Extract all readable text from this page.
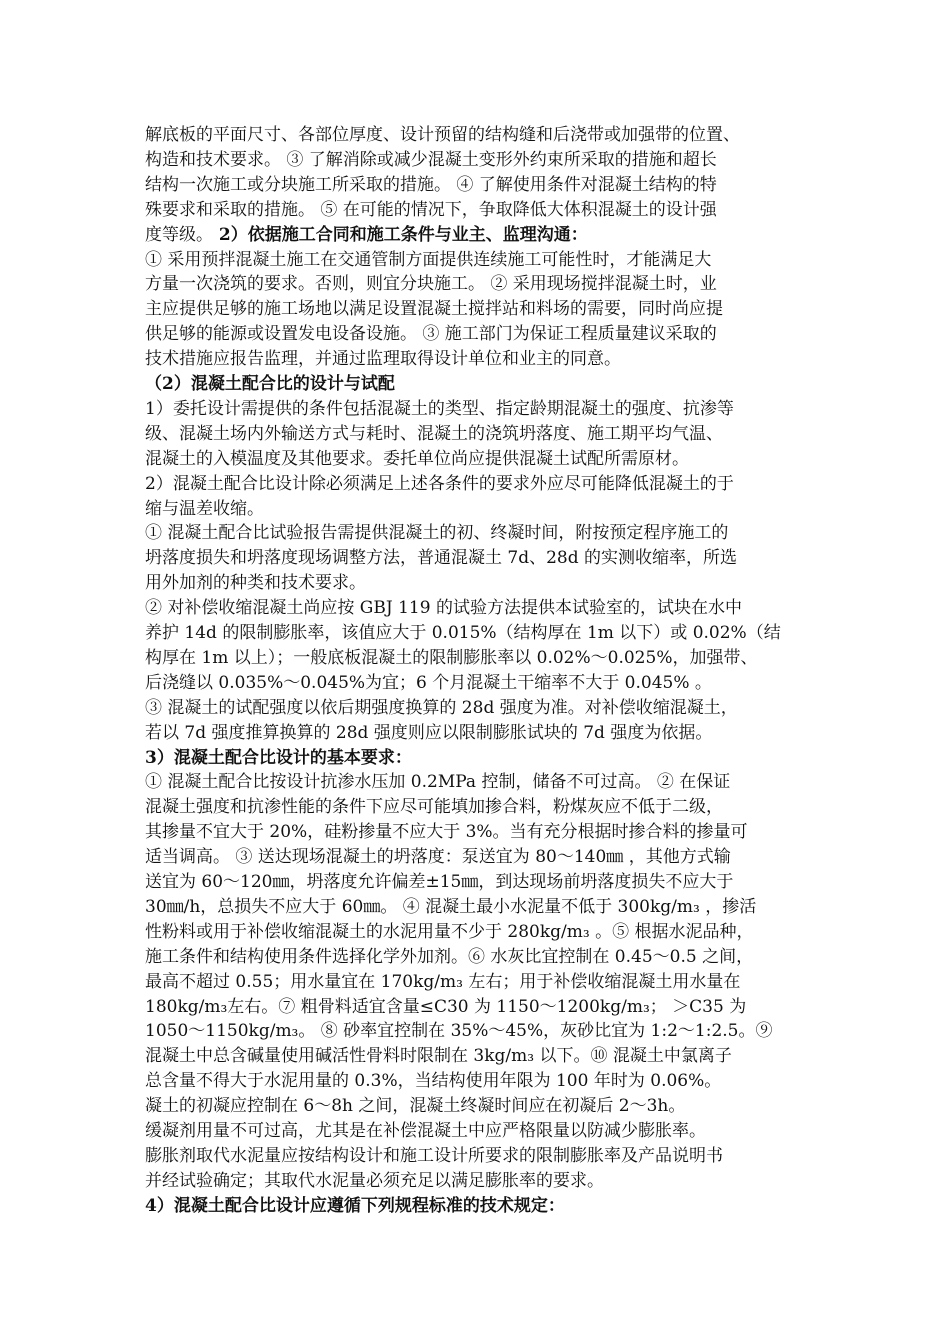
解底板的平面尺寸、各部位厚度、设计预留的结构缝和后浇带或加强带的位置、
构造和技术要求。 ③ 了解消除或减少混凝土变形外约束所采取的措施和超长
结构一次施工或分块施工所采取的措施。 ④ 了解使用条件对混凝土结构的特
殊要求和采取的措施。 ⑤ 在可能的情况下，争取降低大体积混凝土的设计强
度等级。 2）依据施工合同和施工条件与业主、监理沟通：
① 采用预拌混凝土施工在交通管制方面提供连续施工可能性时，才能满足大
方量一次浇筑的要求。否则，则宜分块施工。 ② 采用现场搅拌混凝土时，业
主应提供足够的施工场地以满足设置混凝土搅拌站和料场的需要，同时尚应提
供足够的能源或设置发电设备设施。 ③ 施工部门为保证工程质量建议采取的
技术措施应报告监理，并通过监理取得设计单位和业主的同意。
（2）混凝土配合比的设计与试配
1）委托设计需提供的条件包括混凝土的类型、指定龄期混凝土的强度、抗渗等
级、混凝土场内外输送方式与耗时、混凝土的浇筑坍落度、施工期平均气温、
混凝土的入模温度及其他要求。委托单位尚应提供混凝土试配所需原材。
2）混凝土配合比设计除必须满足上述各条件的要求外应尽可能降低混凝土的于
缩与温差收缩。
① 混凝土配合比试验报告需提供混凝土的初、终凝时间，附按预定程序施工的
坍落度损失和坍落度现场调整方法，普通混凝土 7d、28d 的实测收缩率，所选
用外加剂的种类和技术要求。
② 对补偿收缩混凝土尚应按 GBJ 119 的试验方法提供本试验室的，试块在水中
养护 14d 的限制膨胀率，该值应大于 0.015%（结构厚在 1m 以下）或 0.02%（结
构厚在 1m 以上）；一般底板混凝土的限制膨胀率以 0.02%～0.025%，加强带、
后浇缝以 0.035%～0.045%为宜；6 个月混凝土干缩率不大于 0.045% 。
③ 混凝土的试配强度以依后期强度换算的 28d 强度为准。对补偿收缩混凝土，
若以 7d 强度推算换算的 28d 强度则应以限制膨胀试块的 7d 强度为依据。
3）混凝土配合比设计的基本要求：
① 混凝土配合比按设计抗渗水压加 0.2MPa 控制，储备不可过高。 ② 在保证
混凝土强度和抗渗性能的条件下应尽可能填加掺合料，粉煤灰应不低于二级，
其掺量不宜大于 20%，硅粉掺量不应大于 3%。当有充分根据时掺合料的掺量可
适当调高。 ③ 送达现场混凝土的坍落度：泵送宜为 80～140㎜ ，其他方式输
送宜为 60～120㎜，坍落度允许偏差±15㎜，到达现场前坍落度损失不应大于
30㎜/h，总损失不应大于 60㎜。 ④ 混凝土最小水泥量不低于 300kg/m₃ ，掺活
性粉料或用于补偿收缩混凝土的水泥用量不少于 280kg/m₃ 。⑤ 根据水泥品种，
施工条件和结构使用条件选择化学外加剂。⑥ 水灰比宜控制在 0.45～0.5 之间，
最高不超过 0.55；用水量宜在 170kg/m₃ 左右；用于补偿收缩混凝土用水量在
180kg/m₃左右。⑦ 粗骨料适宜含量≤C30 为 1150～1200kg/m₃； ＞C35 为
1050～1150kg/m₃。 ⑧ 砂率宜控制在 35%～45%，灰砂比宜为 1:2～1:2.5。⑨
混凝土中总含碱量使用碱活性骨料时限制在 3kg/m₃ 以下。⑩ 混凝土中氯离子
总含量不得大于水泥用量的 0.3%，当结构使用年限为 100 年时为 0.06%。
凝土的初凝应控制在 6～8h 之间，混凝土终凝时间应在初凝后 2～3h。
缓凝剂用量不可过高，尤其是在补偿混凝土中应严格限量以防减少膨胀率。
膨胀剂取代水泥量应按结构设计和施工设计所要求的限制膨胀率及产品说明书
并经试验确定；其取代水泥量必须充足以满足膨胀率的要求。
4）混凝土配合比设计应遵循下列规程标准的技术规定：
